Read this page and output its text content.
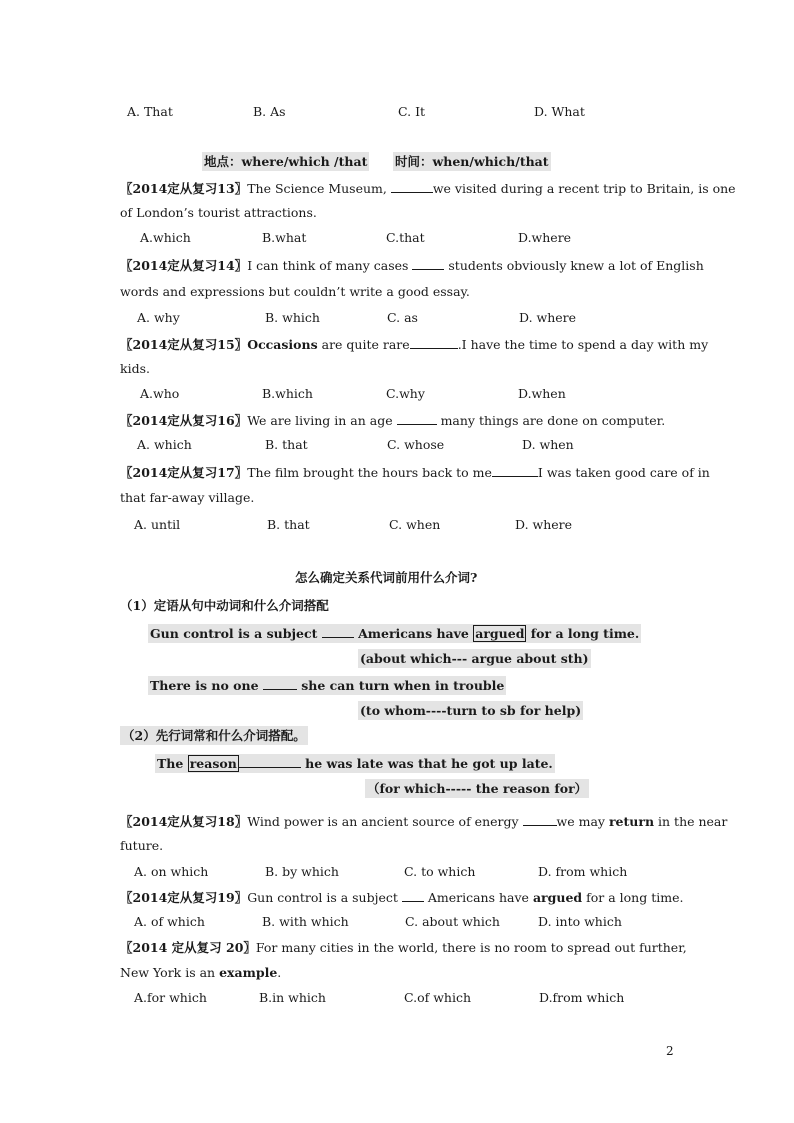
A. That	B. As	C. It	D. What
地点：where/which /that 时间：when/which/that
〖2014定从复习13〗The Science Museum,	we visited during a recent trip to Britain, is one
of London’s tourist attractions.
A.which	B.what	C.that	D.where
〖2014定从复习14〗I can think of many cases	students obviously knew a lot of English
words and expressions but couldn’t write a good essay.
A. why	B. which	C. as	D. where
〖2014定从复习15〗Occasions are quite rare	.I have the time to spend a day with my
kids.
A.who	B.which	C.why	D.when
〖2014定从复习16〗We are living in an age	many things are done on computer.
A. which	B. that	C. whose	D. when
〖2014定从复习17〗The film brought the hours back to me	I was taken good care of in
that far-away village.
A. until	B. that	C. when	D. where
怎么确定关系代词前用什么介词?
（1）定语从句中动词和什么介词搭配
Gun control is a subject	Americans have argued for a long time.
(about which--- argue about sth)
There is no one	she can turn when in trouble
(to whom----turn to sb for help)
（2）先行词常和什么介词搭配。
The reason	he was late was that he got up late.
（for which----- the reason for）
〖2014定从复习18〗Wind power is an ancient source of energy	we may return in the near
future.
A. on which	B. by which	C. to which	D. from which
〖2014定从复习19〗Gun control is a subject  Americans have argued for a long time.
A. of which	B. with which	C. about which	D. into which
〖2014 定从复习 20〗For many cities in the world, there is no room to spread out further,
New York is an example.
A.for which	B.in which	C.of which	D.from which
2
